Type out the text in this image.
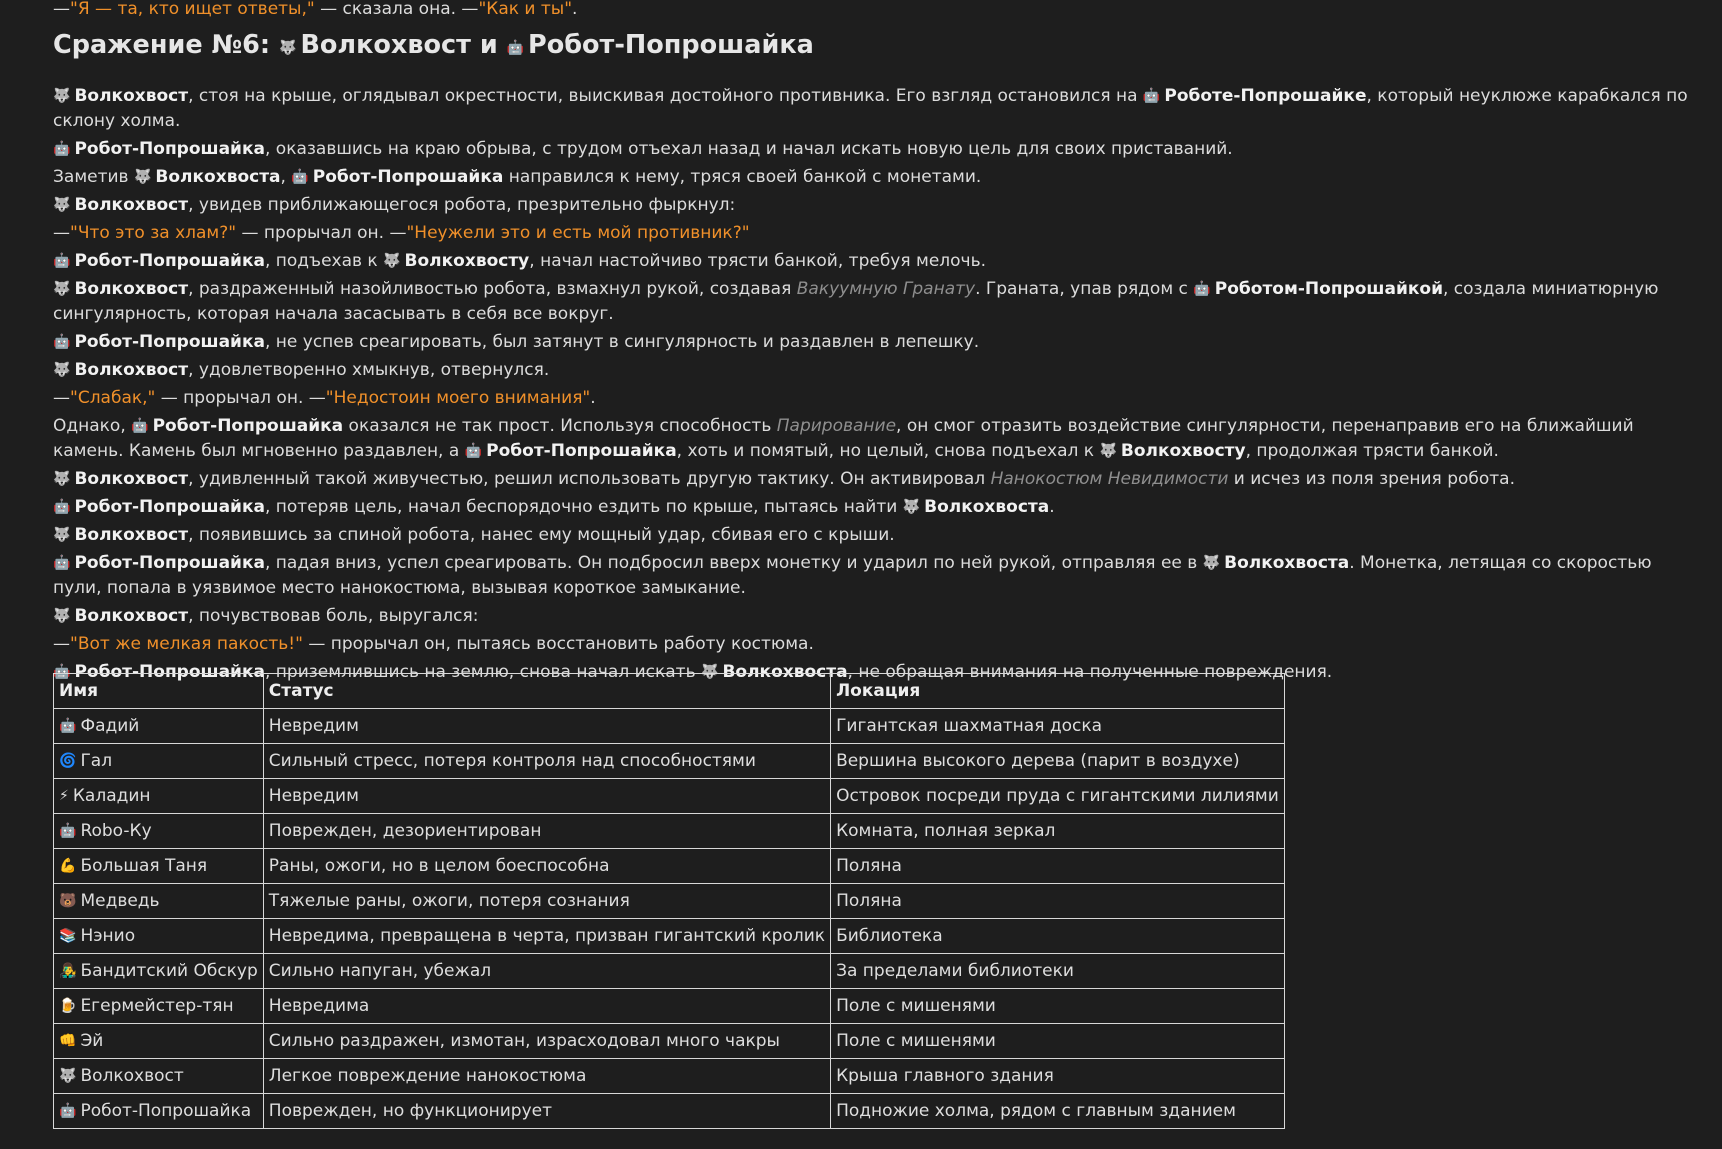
—"Я — та, кто ищет ответы," — сказала она. —"Как и ты".
Сражение №6: 🐺 Волкохвост и 🤖 Робот-Попрошайка
🐺 Волкохвост, стоя на крыше, оглядывал окрестности, выискивая достойного противника. Его взгляд остановился на 🤖 Роботе-Попрошайке, который неуклюже карабкался по склону холма.
🤖 Робот-Попрошайка, оказавшись на краю обрыва, с трудом отъехал назад и начал искать новую цель для своих приставаний.
Заметив 🐺 Волкохвоста, 🤖 Робот-Попрошайка направился к нему, тряся своей банкой с монетами.
🐺 Волкохвост, увидев приближающегося робота, презрительно фыркнул:
—"Что это за хлам?" — прорычал он. —"Неужели это и есть мой противник?"
🤖 Робот-Попрошайка, подъехав к 🐺 Волкохвосту, начал настойчиво трясти банкой, требуя мелочь.
🐺 Волкохвост, раздраженный назойливостью робота, взмахнул рукой, создавая Вакуумную Гранату. Граната, упав рядом с 🤖 Роботом-Попрошайкой, создала миниатюрную сингулярность, которая начала засасывать в себя все вокруг.
🤖 Робот-Попрошайка, не успев среагировать, был затянут в сингулярность и раздавлен в лепешку.
🐺 Волкохвост, удовлетворенно хмыкнув, отвернулся.
—"Слабак," — прорычал он. —"Недостоин моего внимания".
Однако, 🤖 Робот-Попрошайка оказался не так прост. Используя способность Парирование, он смог отразить воздействие сингулярности, перенаправив его на ближайший камень. Камень был мгновенно раздавлен, а 🤖 Робот-Попрошайка, хоть и помятый, но целый, снова подъехал к 🐺 Волкохвосту, продолжая трясти банкой.
🐺 Волкохвост, удивленный такой живучестью, решил использовать другую тактику. Он активировал Нанокостюм Невидимости и исчез из поля зрения робота.
🤖 Робот-Попрошайка, потеряв цель, начал беспорядочно ездить по крыше, пытаясь найти 🐺 Волкохвоста.
🐺 Волкохвост, появившись за спиной робота, нанес ему мощный удар, сбивая его с крыши.
🤖 Робот-Попрошайка, падая вниз, успел среагировать. Он подбросил вверх монетку и ударил по ней рукой, отправляя ее в 🐺 Волкохвоста. Монетка, летящая со скоростью пули, попала в уязвимое место нанокостюма, вызывая короткое замыкание.
🐺 Волкохвост, почувствовав боль, выругался:
—"Вот же мелкая пакость!" — прорычал он, пытаясь восстановить работу костюма.
🤖 Робот-Попрошайка, приземлившись на землю, снова начал искать 🐺 Волкохвоста, не обращая внимания на полученные повреждения.
Имя	Статус	Локация
🤖 Фадий	Невредим	Гигантская шахматная доска
🌀 Гал	Сильный стресс, потеря контроля над способностями	Вершина высокого дерева (парит в воздухе)
⚡ Каладин	Невредим	Островок посреди пруда с гигантскими лилиями
🤖 Robo-Ку	Поврежден, дезориентирован	Комната, полная зеркал
💪 Большая Таня	Раны, ожоги, но в целом боеспособна	Поляна
🐻 Медведь	Тяжелые раны, ожоги, потеря сознания	Поляна
📚 Нэнио	Невредима, превращена в черта, призван гигантский кролик	Библиотека
👨‍🎤 Бандитский Обскур	Сильно напуган, убежал	За пределами библиотеки
🍺 Егермейстер-тян	Невредима	Поле с мишенями
👊 Эй	Сильно раздражен, измотан, израсходовал много чакры	Поле с мишенями
🐺 Волкохвост	Легкое повреждение нанокостюма	Крыша главного здания
🤖 Робот-Попрошайка	Поврежден, но функционирует	Подножие холма, рядом с главным зданием
